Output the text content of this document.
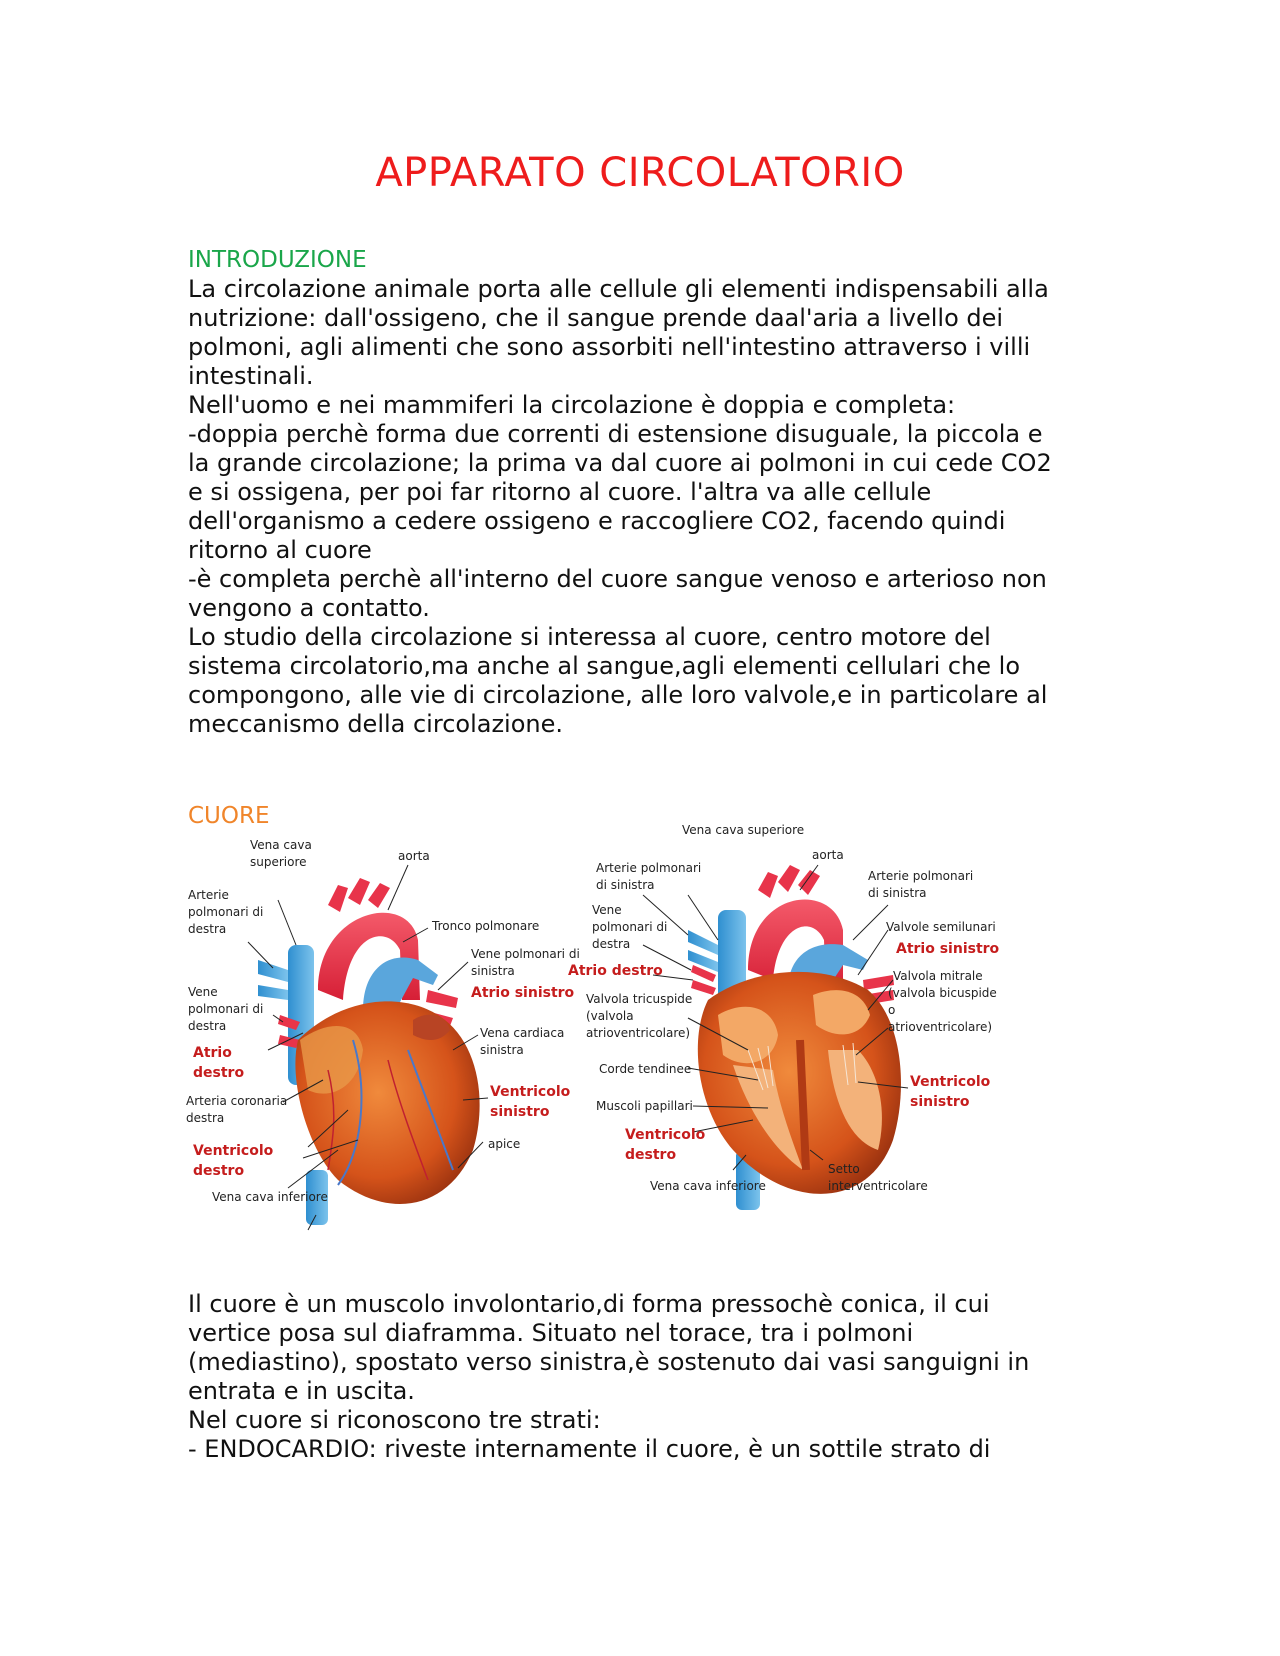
APPARATO CIRCOLATORIO
INTRODUZIONE
La circolazione animale porta alle cellule gli elementi indispensabili alla
nutrizione: dall'ossigeno, che il sangue prende daal'aria a livello dei
polmoni, agli alimenti che sono assorbiti nell'intestino attraverso i villi
intestinali.
Nell'uomo e nei mammiferi la circolazione è doppia e completa:
-doppia perchè forma due correnti di estensione disuguale, la piccola e
la grande circolazione; la prima va dal cuore ai polmoni in cui cede CO2
e si ossigena, per poi far ritorno al cuore. l'altra va alle cellule
dell'organismo a cedere ossigeno e raccogliere CO2, facendo quindi
ritorno al cuore
-è completa perchè all'interno del cuore sangue venoso e arterioso non
vengono a contatto.
Lo studio della circolazione si interessa al cuore, centro motore del
sistema circolatorio,ma anche al sangue,agli elementi cellulari che lo
compongono, alle vie di circolazione, alle loro valvole,e in particolare al
meccanismo della circolazione.
CUORE
Vena cava superiore	aorta
Arterie polmonari di destra	Tronco polmonare
Vene polmonari di sinistra
Atrio sinistro
Vene polmonari di destra	Vena cardiaca sinistra
Atrio destro
Ventricolo sinistro
Arteria coronaria destra
apice
Ventricolo destro
Vena cava inferiore
Vena cava superiore
aorta
Arterie polmonari di sinistra
Arterie polmonari di sinistra
Vene polmonari di destra
Valvole semilunari
Atrio sinistro
Atrio destro	Valvola mitrale (valvola bicuspide o atrioventricolare)
Valvola tricuspide (valvola atrioventricolare)
Corde tendinee
Ventricolo sinistro
Muscoli papillari
Ventricolo destro
Setto interventricolare
Vena cava inferiore
Il cuore è un muscolo involontario,di forma pressochè conica, il cui
vertice posa sul diaframma. Situato nel torace, tra i polmoni
(mediastino), spostato verso sinistra,è sostenuto dai vasi sanguigni in
entrata e in uscita.
Nel cuore si riconoscono tre strati:
- ENDOCARDIO: riveste internamente il cuore, è un sottile strato di
